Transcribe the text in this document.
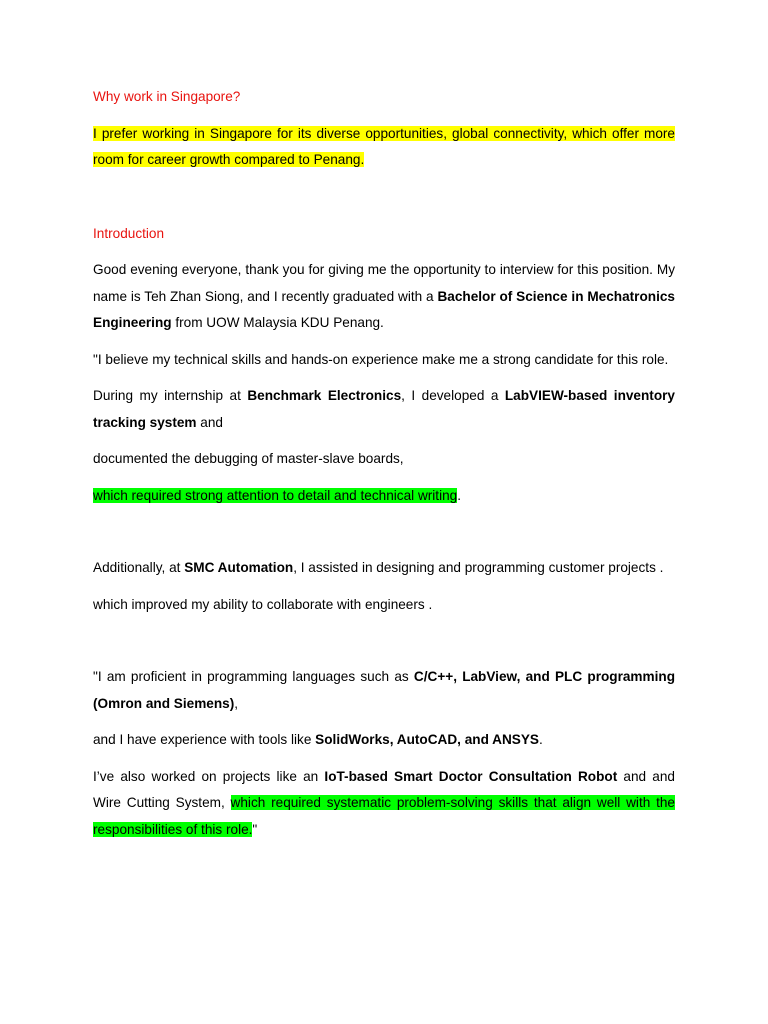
Why work in Singapore?

I prefer working in Singapore for its diverse opportunities, global connectivity, which offer more room for career growth compared to Penang.

Introduction

Good evening everyone, thank you for giving me the opportunity to interview for this position. My name is Teh Zhan Siong, and I recently graduated with a Bachelor of Science in Mechatronics Engineering from UOW Malaysia KDU Penang.

"I believe my technical skills and hands-on experience make me a strong candidate for this role.

During my internship at Benchmark Electronics, I developed a LabVIEW-based inventory tracking system and

documented the debugging of master-slave boards,

which required strong attention to detail and technical writing.

Additionally, at SMC Automation, I assisted in designing and programming customer projects .

which improved my ability to collaborate with engineers .

"I am proficient in programming languages such as C/C++, LabView, and PLC programming (Omron and Siemens),

and I have experience with tools like SolidWorks, AutoCAD, and ANSYS.

I’ve also worked on projects like an IoT-based Smart Doctor Consultation Robot and and Wire Cutting System, which required systematic problem-solving skills that align well with the responsibilities of this role."
